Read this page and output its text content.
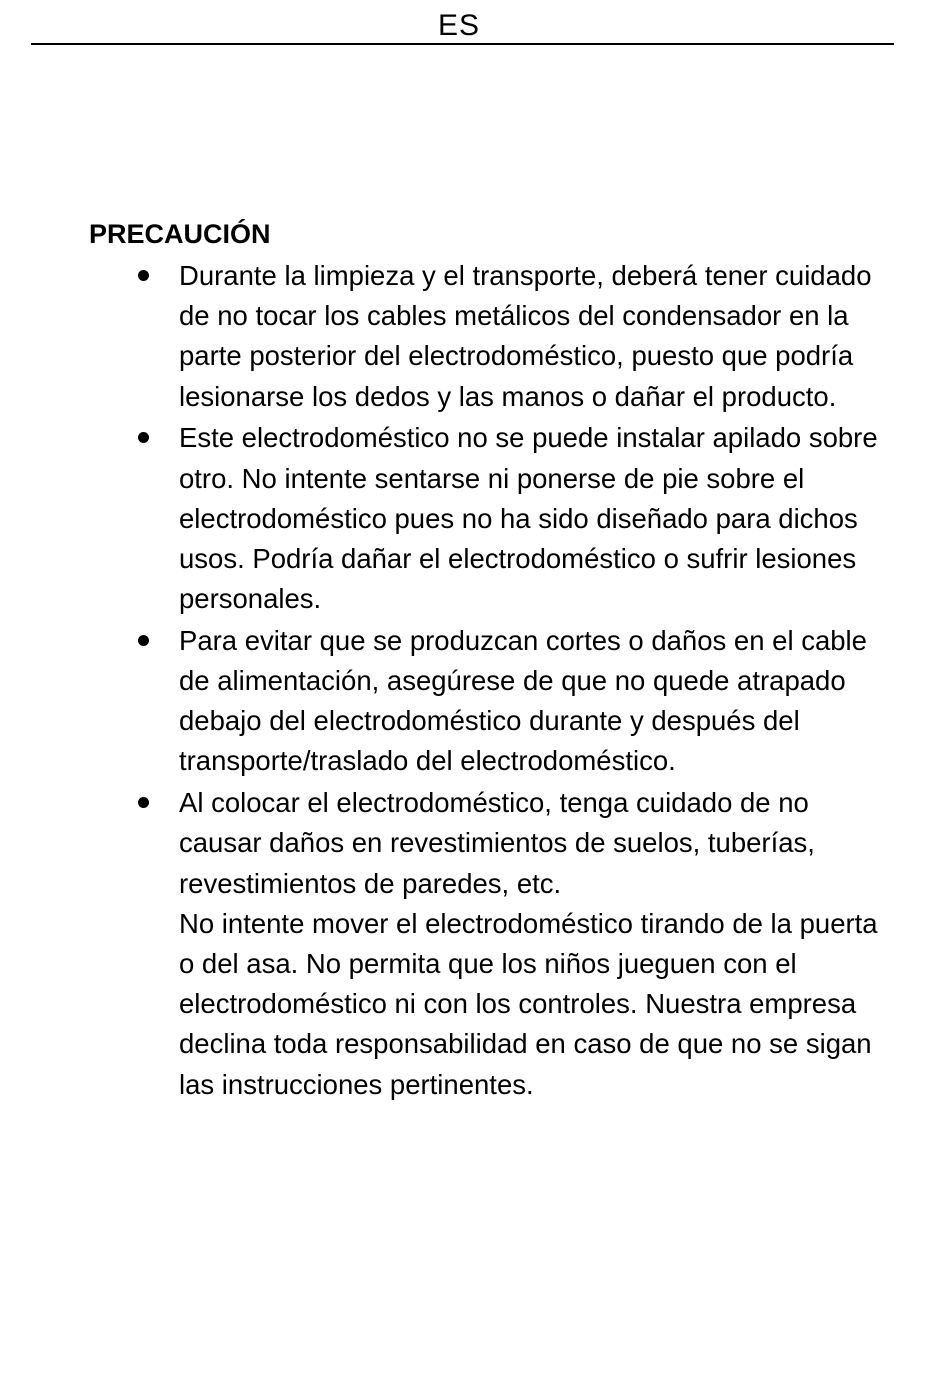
ES
PRECAUCIÓN
Durante la limpieza y el transporte, deberá tener cuidado de no tocar los cables metálicos del condensador en la parte posterior del electrodoméstico, puesto que podría lesionarse los dedos y las manos o dañar el producto.
Este electrodoméstico no se puede instalar apilado sobre otro. No intente sentarse ni ponerse de pie sobre el electrodoméstico pues no ha sido diseñado para dichos usos. Podría dañar el electrodoméstico o sufrir lesiones personales.
Para evitar que se produzcan cortes o daños en el cable de alimentación, asegúrese de que no quede atrapado debajo del electrodoméstico durante y después del transporte/traslado del electrodoméstico.
Al colocar el electrodoméstico, tenga cuidado de no causar daños en revestimientos de suelos, tuberías, revestimientos de paredes, etc.
No intente mover el electrodoméstico tirando de la puerta o del asa. No permita que los niños jueguen con el electrodoméstico ni con los controles. Nuestra empresa declina toda responsabilidad en caso de que no se sigan las instrucciones pertinentes.
